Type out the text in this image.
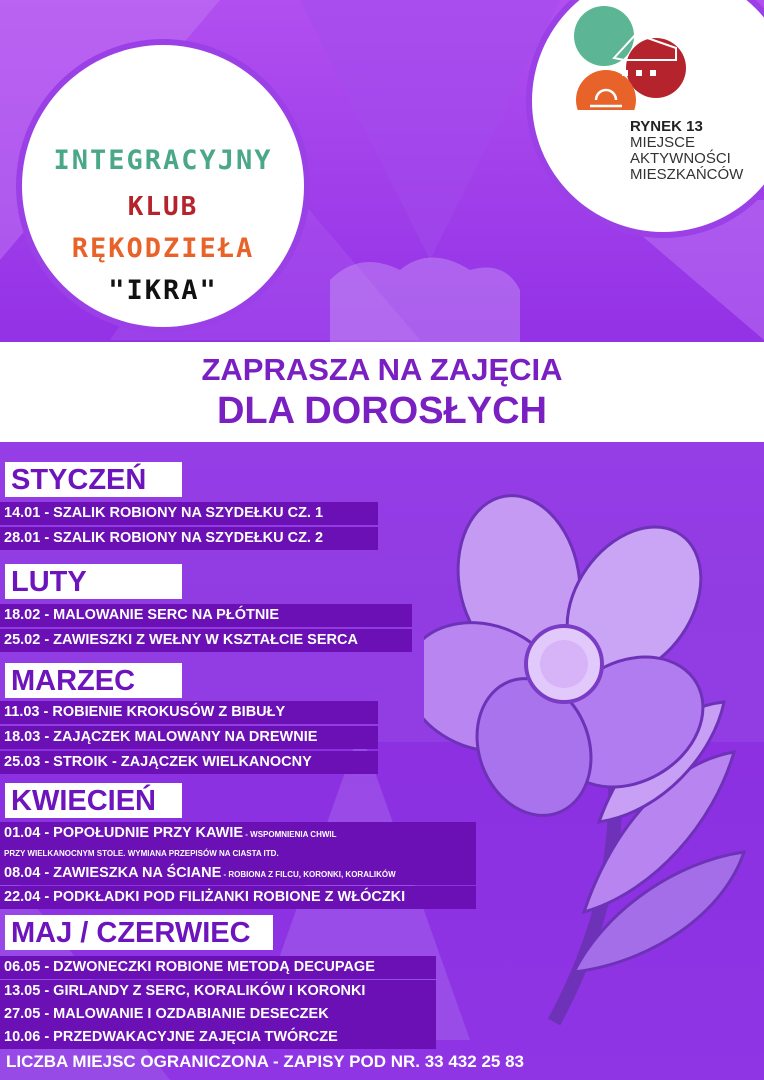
INTEGRACYJNY
KLUB
RĘKODZIEŁA
"IKRA"
RYNEK 13
MIEJSCE
AKTYWNOŚCI
MIESZKAŃCÓW
ZAPRASZA NA ZAJĘCIA
DLA DOROSŁYCH
STYCZEŃ
14.01 - SZALIK ROBIONY NA SZYDEŁKU CZ. 1
28.01 - SZALIK ROBIONY NA SZYDEŁKU CZ. 2
LUTY
18.02 - MALOWANIE SERC NA PŁÓTNIE
25.02 - ZAWIESZKI Z WEŁNY W KSZTAŁCIE SERCA
MARZEC
11.03 - ROBIENIE KROKUSÓW Z BIBUŁY
18.03 - ZAJĄCZEK MALOWANY NA DREWNIE
25.03 - STROIK - ZAJĄCZEK WIELKANOCNY
KWIECIEŃ
01.04 - POPOŁUDNIE PRZY KAWIE - WSPOMNIENIA CHWIL
PRZY WIELKANOCNYM STOLE. WYMIANA PRZEPISÓW NA CIASTA ITD.
08.04 - ZAWIESZKA NA ŚCIANE - ROBIONA Z FILCU, KORONKI, KORALIKÓW
22.04 - PODKŁADKI POD FILIŻANKI ROBIONE Z WŁÓCZKI
MAJ / CZERWIEC
06.05 - DZWONECZKI ROBIONE METODĄ DECUPAGE
13.05 - GIRLANDY Z SERC, KORALIKÓW I KORONKI
27.05 - MALOWANIE I OZDABIANIE DESECZEK
10.06 - PRZEDWAKACYJNE ZAJĘCIA TWÓRCZE
LICZBA MIEJSC OGRANICZONA - ZAPISY POD NR. 33 432 25 83
